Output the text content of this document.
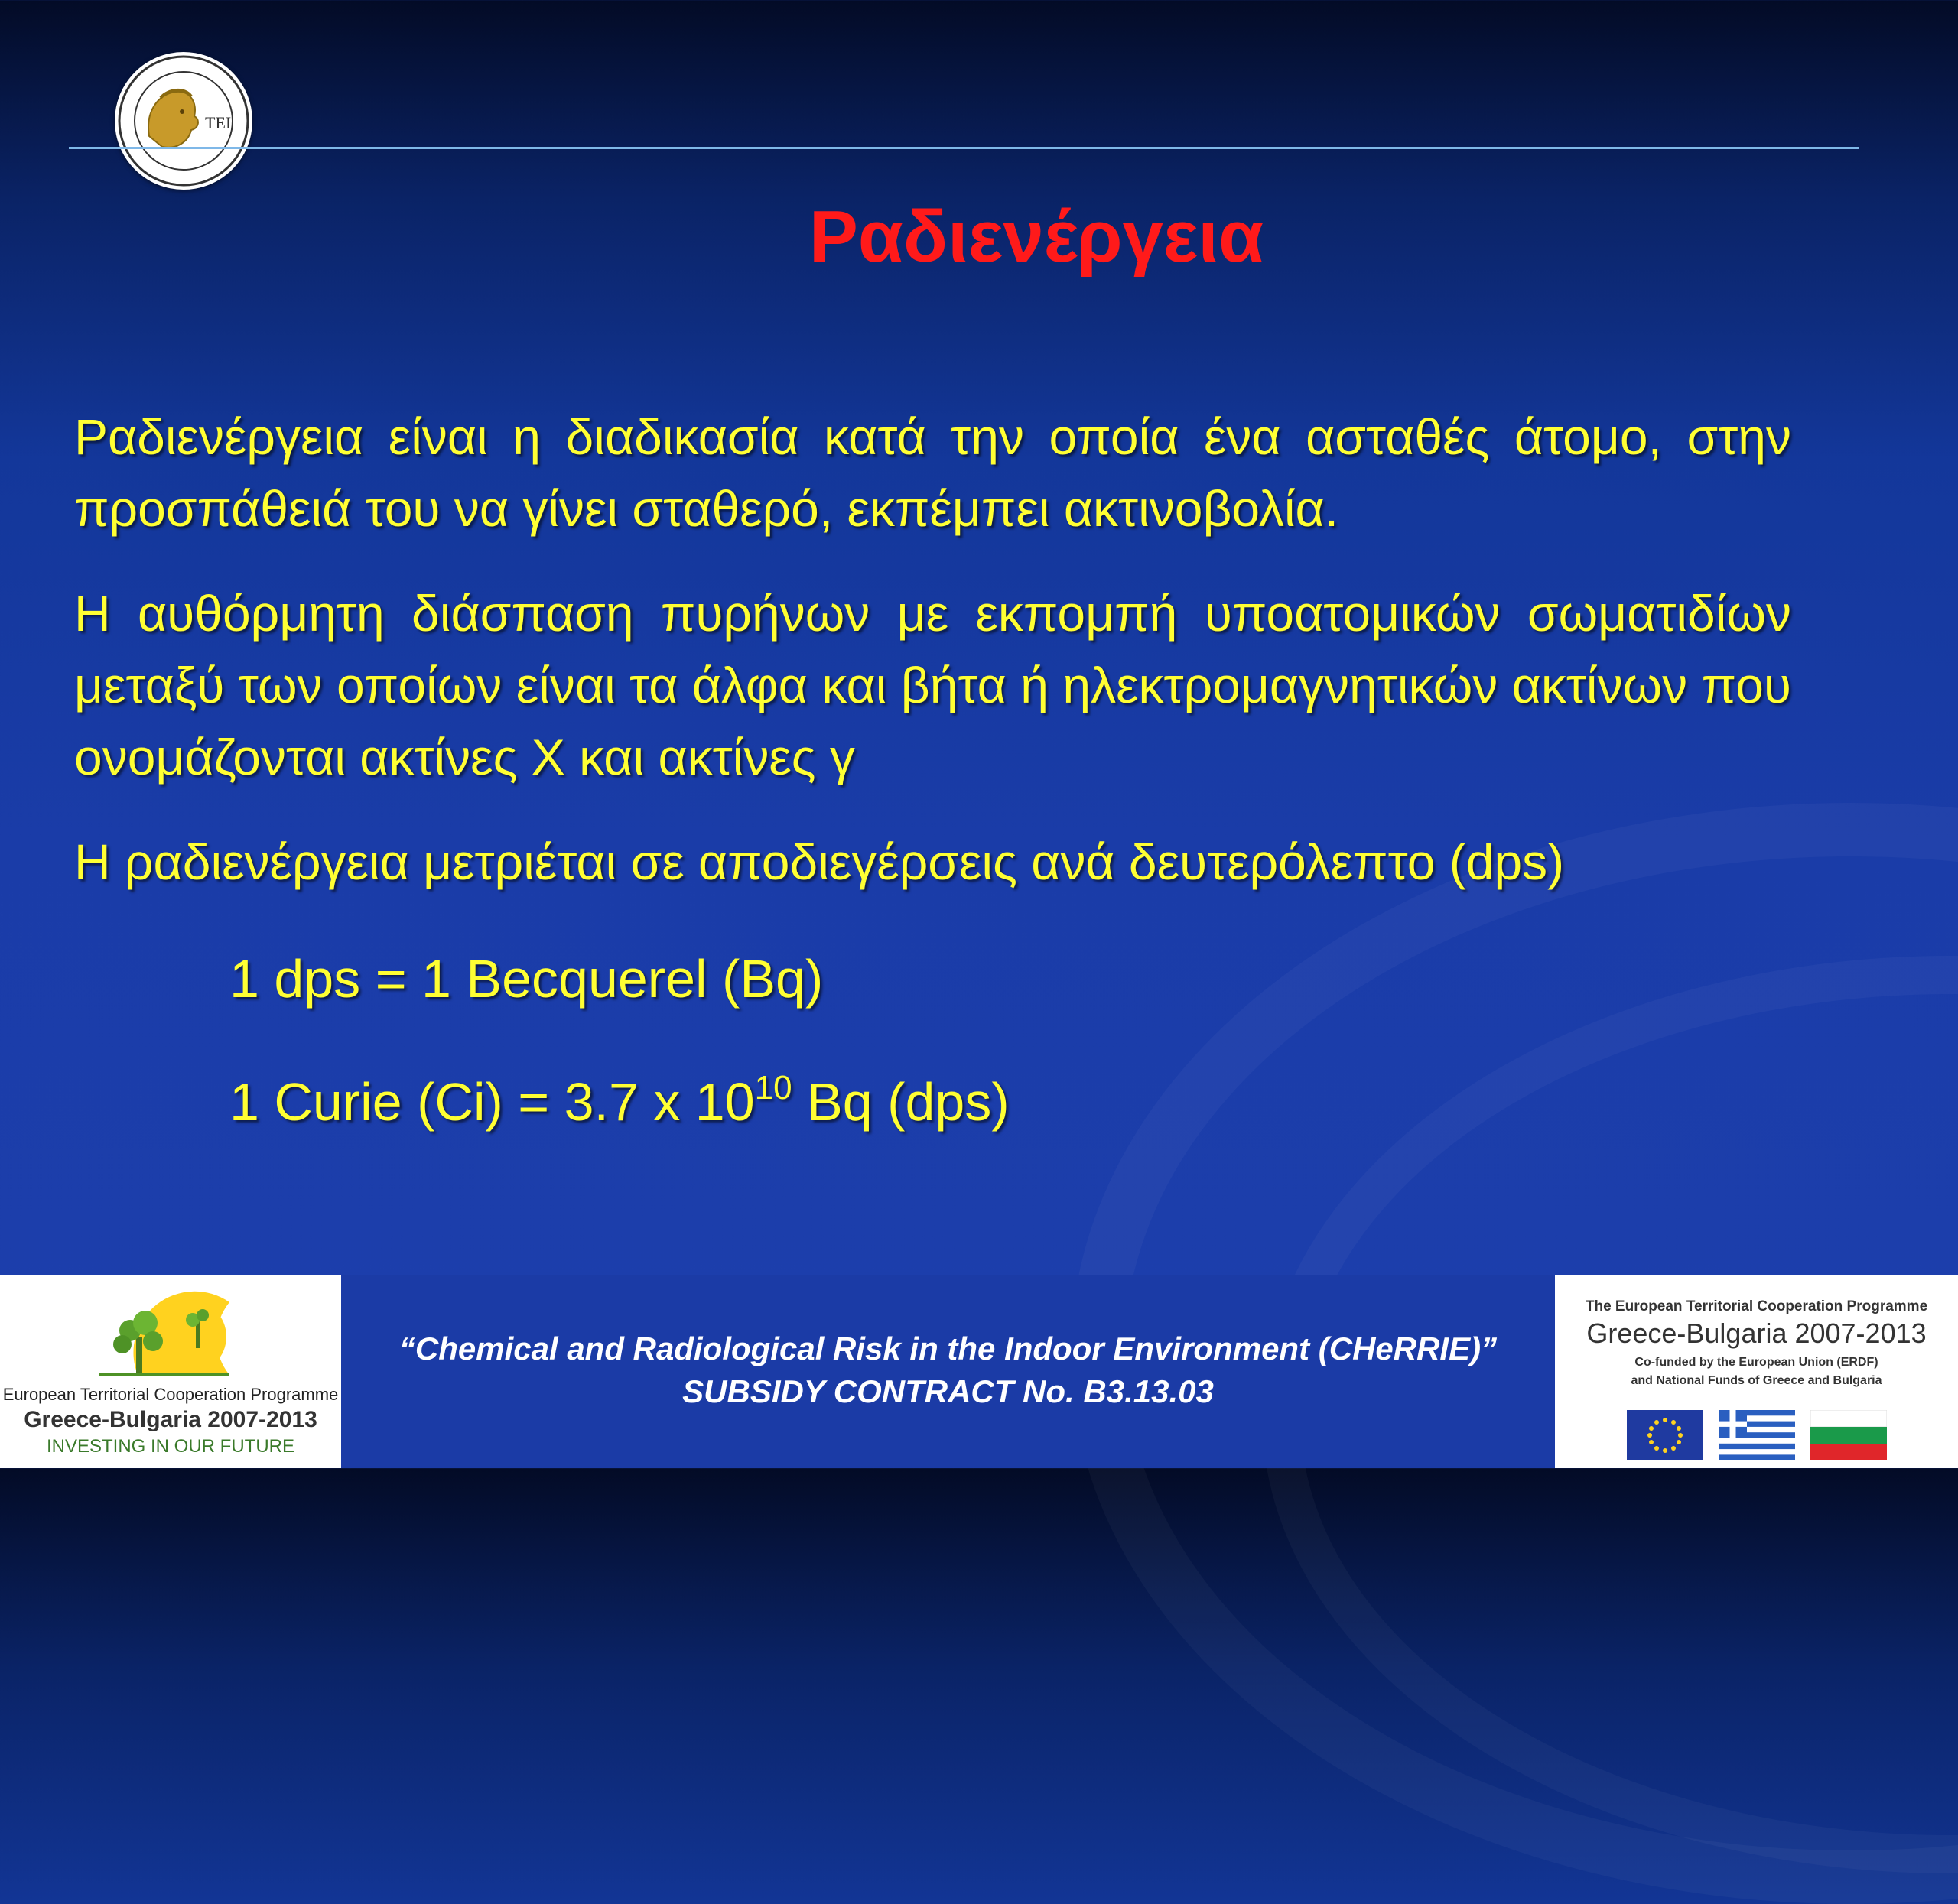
ΤΕΙ
Ραδιενέργεια
Ραδιενέργεια είναι η διαδικασία κατά την οποία ένα ασταθές άτομο, στην προσπάθειά του να γίνει σταθερό, εκπέμπει ακτινοβολία.
Η αυθόρμητη διάσπαση πυρήνων με εκπομπή υποατομικών σωματιδίων μεταξύ των οποίων είναι τα άλφα και βήτα ή ηλεκτρομαγνητικών ακτίνων που ονομάζονται ακτίνες Χ και ακτίνες γ
Η ραδιενέργεια μετριέται σε αποδιεγέρσεις ανά δευτερόλεπτο (dps)
1 dps = 1 Becquerel (Bq)
1 Curie (Ci) = 3.7 x $10^{10}$ Bq (dps)
European Territorial Cooperation Programme
Greece-Bulgaria 2007-2013
INVESTING IN OUR FUTURE
“Chemical and Radiological Risk in the Indoor Environment (CHeRRIE)”
SUBSIDY CONTRACT No. B3.13.03
The European Territorial Cooperation Programme
Greece-Bulgaria 2007-2013
Co-funded by the European Union (ERDF)
and National Funds of Greece and Bulgaria
